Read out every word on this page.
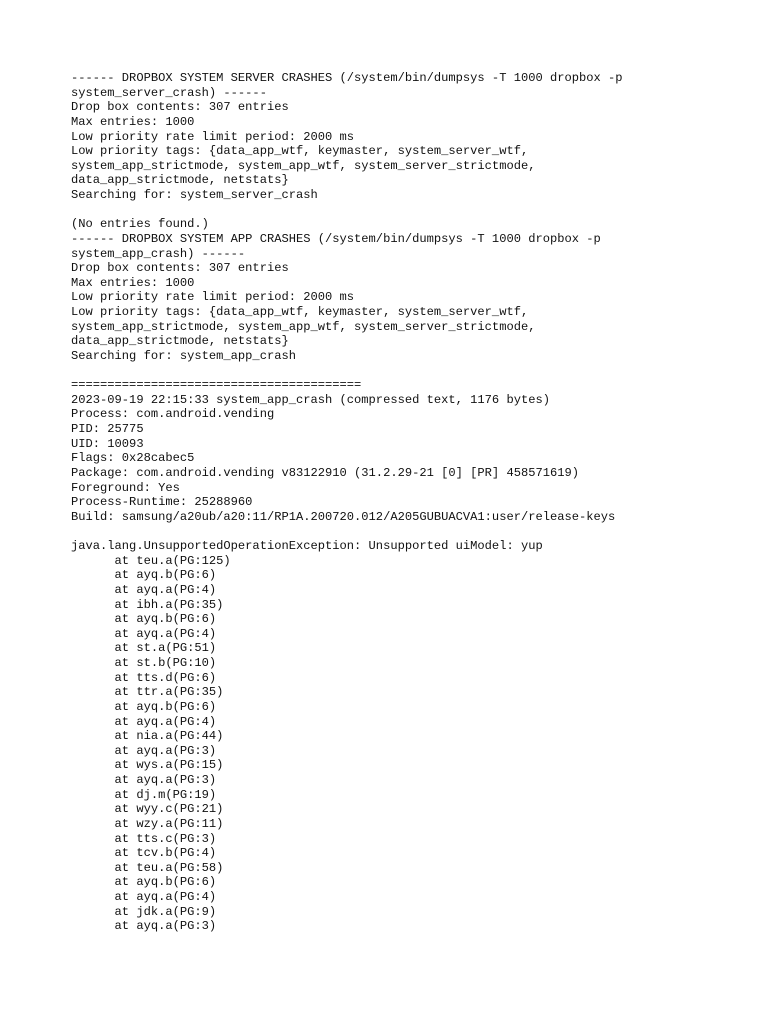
------ DROPBOX SYSTEM SERVER CRASHES (/system/bin/dumpsys -T 1000 dropbox -p
system_server_crash) ------
Drop box contents: 307 entries
Max entries: 1000
Low priority rate limit period: 2000 ms
Low priority tags: {data_app_wtf, keymaster, system_server_wtf,
system_app_strictmode, system_app_wtf, system_server_strictmode,
data_app_strictmode, netstats}
Searching for: system_server_crash
(No entries found.)
------ DROPBOX SYSTEM APP CRASHES (/system/bin/dumpsys -T 1000 dropbox -p
system_app_crash) ------
Drop box contents: 307 entries
Max entries: 1000
Low priority rate limit period: 2000 ms
Low priority tags: {data_app_wtf, keymaster, system_server_wtf,
system_app_strictmode, system_app_wtf, system_server_strictmode,
data_app_strictmode, netstats}
Searching for: system_app_crash
========================================
2023-09-19 22:15:33 system_app_crash (compressed text, 1176 bytes)
Process: com.android.vending
PID: 25775
UID: 10093
Flags: 0x28cabec5
Package: com.android.vending v83122910 (31.2.29-21 [0] [PR] 458571619)
Foreground: Yes
Process-Runtime: 25288960
Build: samsung/a20ub/a20:11/RP1A.200720.012/A205GUBUACVA1:user/release-keys
java.lang.UnsupportedOperationException: Unsupported uiModel: yup
at teu.a(PG:125)
at ayq.b(PG:6)
at ayq.a(PG:4)
at ibh.a(PG:35)
at ayq.b(PG:6)
at ayq.a(PG:4)
at st.a(PG:51)
at st.b(PG:10)
at tts.d(PG:6)
at ttr.a(PG:35)
at ayq.b(PG:6)
at ayq.a(PG:4)
at nia.a(PG:44)
at ayq.a(PG:3)
at wys.a(PG:15)
at ayq.a(PG:3)
at dj.m(PG:19)
at wyy.c(PG:21)
at wzy.a(PG:11)
at tts.c(PG:3)
at tcv.b(PG:4)
at teu.a(PG:58)
at ayq.b(PG:6)
at ayq.a(PG:4)
at jdk.a(PG:9)
at ayq.a(PG:3)
